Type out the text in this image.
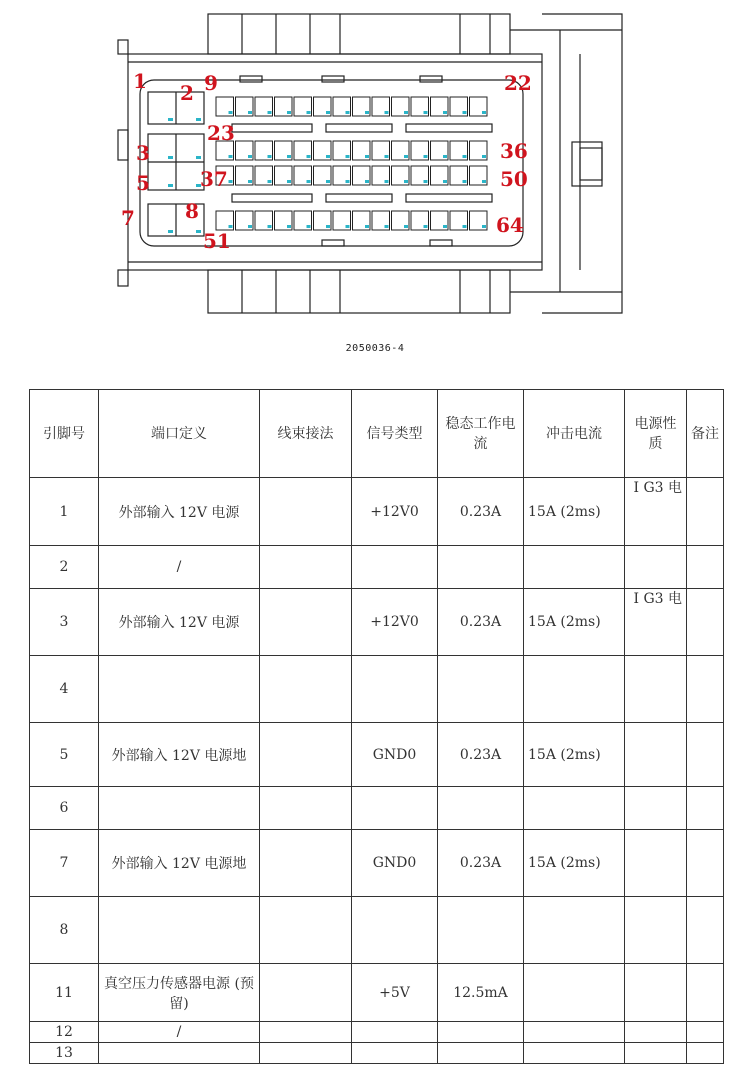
1 2 9	22
23
36
3
5	37	50
7	8
51
64
2050036-4
引脚号	端口定义	线束接法	信号类型	稳态工作电流	冲击电流	电源性质	备注
1	外部输入 12V 电源		+12V0	0.23A	15A (2ms)	I G3 电	
2	/						
3	外部输入 12V 电源		+12V0	0.23A	15A (2ms)	I G3 电	
4							
5	外部输入 12V 电源地		GND0	0.23A	15A (2ms)		
6							
7	外部输入 12V 电源地		GND0	0.23A	15A (2ms)		
8							
11	真空压力传感器电源 (预留)		+5V	12.5mA			
12	/						
13							
